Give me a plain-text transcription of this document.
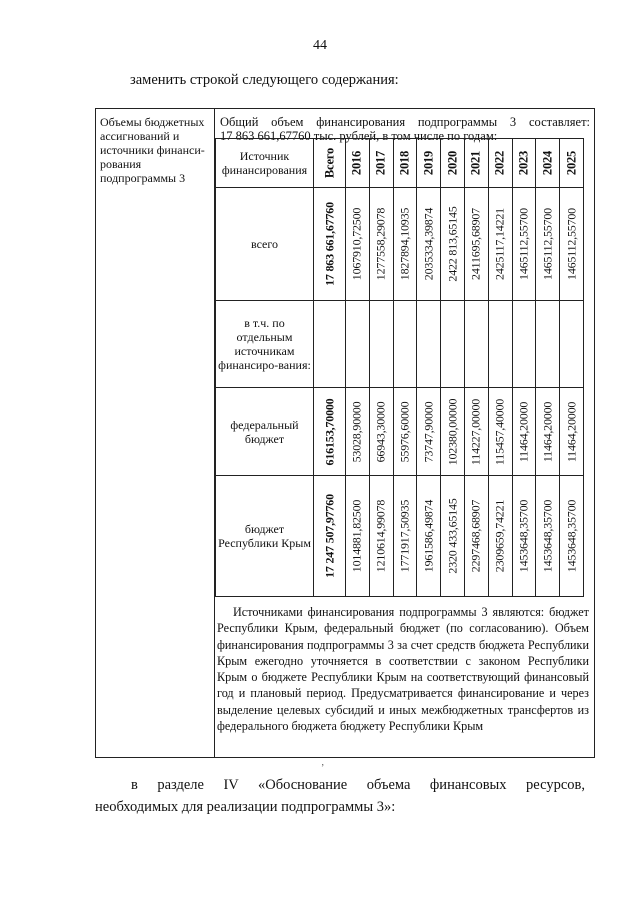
44
заменить строкой следующего содержания:
Объемы бюджетных ассигнований и источники финанси-рования подпрограммы 3
Общий объем финансирования подпрограммы 3 составляет:
17 863 661,67760 тыс. рублей, в том числе по годам:
Источник финансирования	Всего	2016	2017	2018	2019	2020	2021	2022	2023	2024	2025

всего	17 863 661,67760	1067910,72500	1277558,29078	1827894,10935	2035334,39874	2422 813,65145	2411695,68907	2425117,14221	1465112,55700	1465112,55700	1465112,55700

в т.ч. по отдельным источникам финансиро-вания:	

федеральный бюджет	61615З,70000	53028,90000	66943,30000	55976,60000	73747,90000	102380,00000	114227,00000	115457,40000	11464,20000	11464,20000	11464,20000

бюджет Республики Крым	17 247 507,97760	1014881,82500	1210614,99078	1771917,50935	1961586,49874	2320 433,65145	2297468,68907	2309659,74221	1453648,35700	1453648,35700	1453648,35700
Источниками финансирования подпрограммы 3 являются: бюджет Республики Крым, федеральный бюджет (по согласованию). Объем финансирования подпрограммы 3 за счет средств бюджета Республики Крым ежегодно уточняется в соответствии с законом Республики Крым о бюджете Республики Крым на соответствующий финансовый год и плановый период. Предусматривается финансирование и через выделение целевых субсидий и иных межбюджетных трансфертов из федерального бюджета бюджету Республики Крым
ʼ
в разделе IV «Обоснование объема финансовых ресурсов,
необходимых для реализации подпрограммы 3»:
